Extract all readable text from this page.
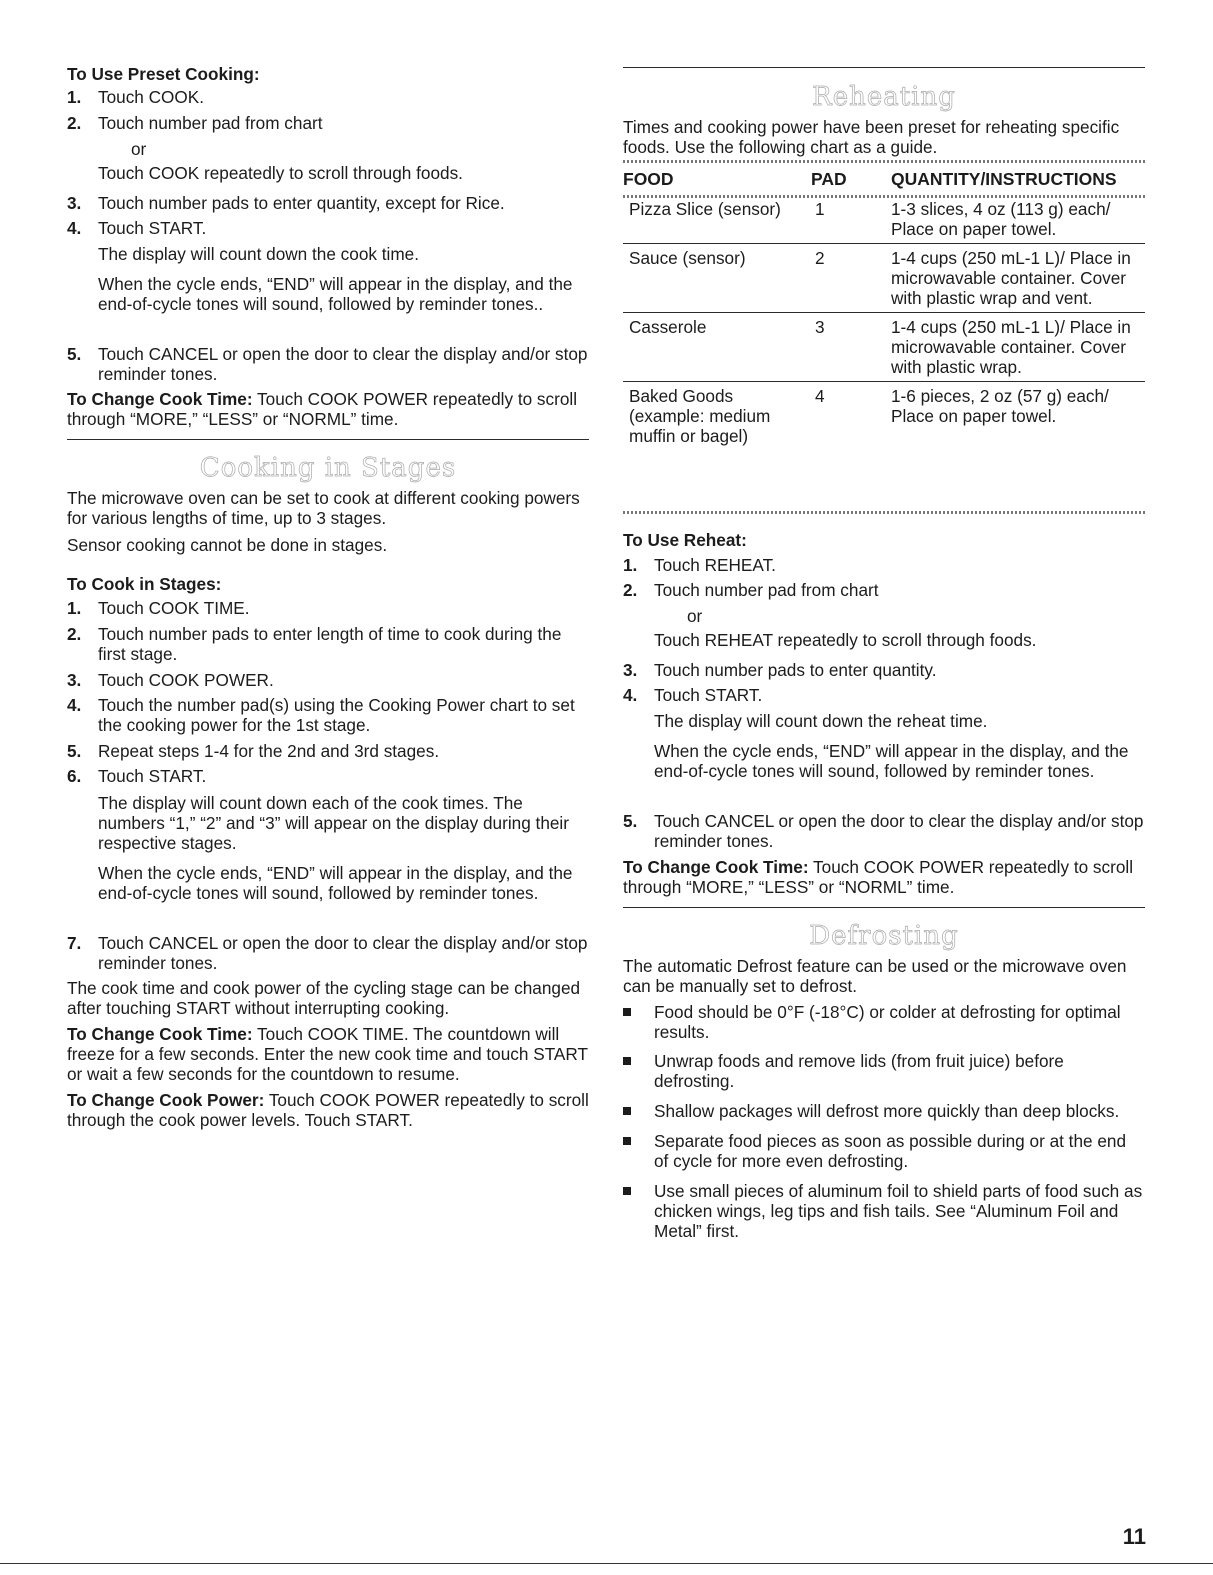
To Use Preset Cooking:
1. Touch COOK.
2. Touch number pad from chart
or
Touch COOK repeatedly to scroll through foods.
3. Touch number pads to enter quantity, except for Rice.
4. Touch START.
The display will count down the cook time.
When the cycle ends, “END” will appear in the display, and the end-of-cycle tones will sound, followed by reminder tones..
5. Touch CANCEL or open the door to clear the display and/or stop reminder tones.
To Change Cook Time: Touch COOK POWER repeatedly to scroll through “MORE,” “LESS” or “NORML” time.
Cooking in Stages
The microwave oven can be set to cook at different cooking powers for various lengths of time, up to 3 stages.
Sensor cooking cannot be done in stages.
To Cook in Stages:
1. Touch COOK TIME.
2. Touch number pads to enter length of time to cook during the first stage.
3. Touch COOK POWER.
4. Touch the number pad(s) using the Cooking Power chart to set the cooking power for the 1st stage.
5. Repeat steps 1-4 for the 2nd and 3rd stages.
6. Touch START.
The display will count down each of the cook times. The numbers “1,” “2” and “3” will appear on the display during their respective stages.
When the cycle ends, “END” will appear in the display, and the end-of-cycle tones will sound, followed by reminder tones.
7. Touch CANCEL or open the door to clear the display and/or stop reminder tones.
The cook time and cook power of the cycling stage can be changed after touching START without interrupting cooking.
To Change Cook Time: Touch COOK TIME. The countdown will freeze for a few seconds. Enter the new cook time and touch START or wait a few seconds for the countdown to resume.
To Change Cook Power: Touch COOK POWER repeatedly to scroll through the cook power levels. Touch START.
Reheating
Times and cooking power have been preset for reheating specific foods. Use the following chart as a guide.
FOOD	PAD	QUANTITY/INSTRUCTIONS
Pizza Slice (sensor)	1	1-3 slices, 4 oz (113 g) each/ Place on paper towel.
Sauce (sensor)	2	1-4 cups (250 mL-1 L)/ Place in microwavable container. Cover with plastic wrap and vent.
Casserole	3	1-4 cups (250 mL-1 L)/ Place in microwavable container. Cover with plastic wrap.
Baked Goods (example: medium muffin or bagel)	4	1-6 pieces, 2 oz (57 g) each/ Place on paper towel.
To Use Reheat:
1. Touch REHEAT.
2. Touch number pad from chart
or
Touch REHEAT repeatedly to scroll through foods.
3. Touch number pads to enter quantity.
4. Touch START.
The display will count down the reheat time.
When the cycle ends, “END” will appear in the display, and the end-of-cycle tones will sound, followed by reminder tones.
5. Touch CANCEL or open the door to clear the display and/or stop reminder tones.
To Change Cook Time: Touch COOK POWER repeatedly to scroll through “MORE,” “LESS” or “NORML” time.
Defrosting
The automatic Defrost feature can be used or the microwave oven can be manually set to defrost.
Food should be 0°F (-18°C) or colder at defrosting for optimal results.
Unwrap foods and remove lids (from fruit juice) before defrosting.
Shallow packages will defrost more quickly than deep blocks.
Separate food pieces as soon as possible during or at the end of cycle for more even defrosting.
Use small pieces of aluminum foil to shield parts of food such as chicken wings, leg tips and fish tails. See “Aluminum Foil and Metal” first.
11
